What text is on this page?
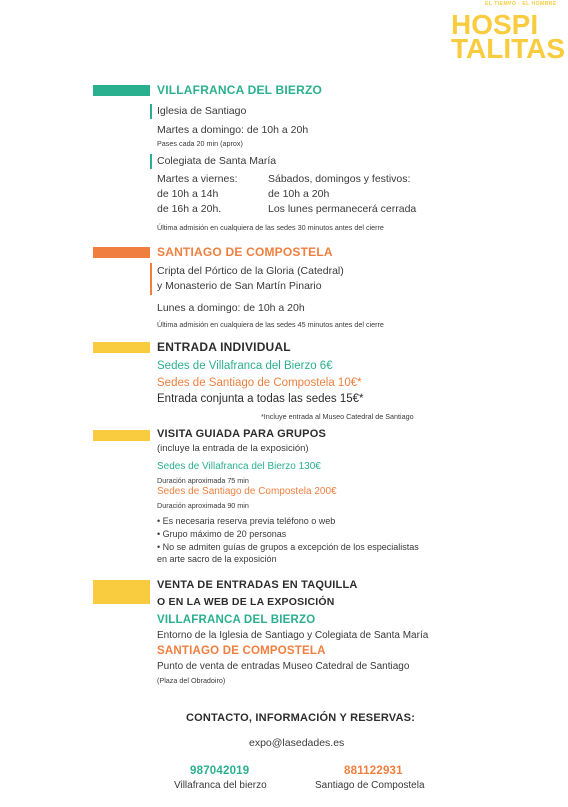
EL TIEMPO · EL HOMBRE
HOSPI
TALITAS
VILLAFRANCA DEL BIERZO
Iglesia de Santiago
Martes a domingo: de 10h a 20h
Pases cada 20 min (aprox)
Colegiata de Santa María
Martes a viernes:
de 10h a 14h
de 16h a 20h.
Sábados, domingos y festivos:
de 10h a 20h
Los lunes permanecerá cerrada
Última admisión en cualquiera de las sedes 30 minutos antes del cierre
SANTIAGO DE COMPOSTELA
Cripta del Pórtico de la Gloria (Catedral)
y Monasterio de San Martín Pinario
Lunes a domingo: de 10h a 20h
Última admisión en cualquiera de las sedes 45 minutos antes del cierre
ENTRADA INDIVIDUAL
Sedes de Villafranca del Bierzo 6€
Sedes de Santiago de Compostela 10€*
Entrada conjunta a todas las sedes 15€*
*Incluye entrada al Museo Catedral de Santiago
VISITA GUIADA PARA GRUPOS
(incluye la entrada de la exposición)
Sedes de Villafranca del Bierzo 130€
Duración aproximada 75 min
Sedes de Santiago de Compostela 200€
Duración aproximada 90 min
• Es necesaria reserva previa teléfono o web
• Grupo máximo de 20 personas
• No se admiten guías de grupos a excepción de los especialistas
en arte sacro de la exposición
VENTA DE ENTRADAS EN TAQUILLA
O EN LA WEB DE LA EXPOSICIÓN
VILLAFRANCA DEL BIERZO
Entorno de la Iglesia de Santiago y Colegiata de Santa María
SANTIAGO DE COMPOSTELA
Punto de venta de entradas Museo Catedral de Santiago
(Plaza del Obradoiro)
CONTACTO, INFORMACIÓN Y RESERVAS:
expo@lasedades.es
987042019
Villafranca del bierzo
881122931
Santiago de Compostela
